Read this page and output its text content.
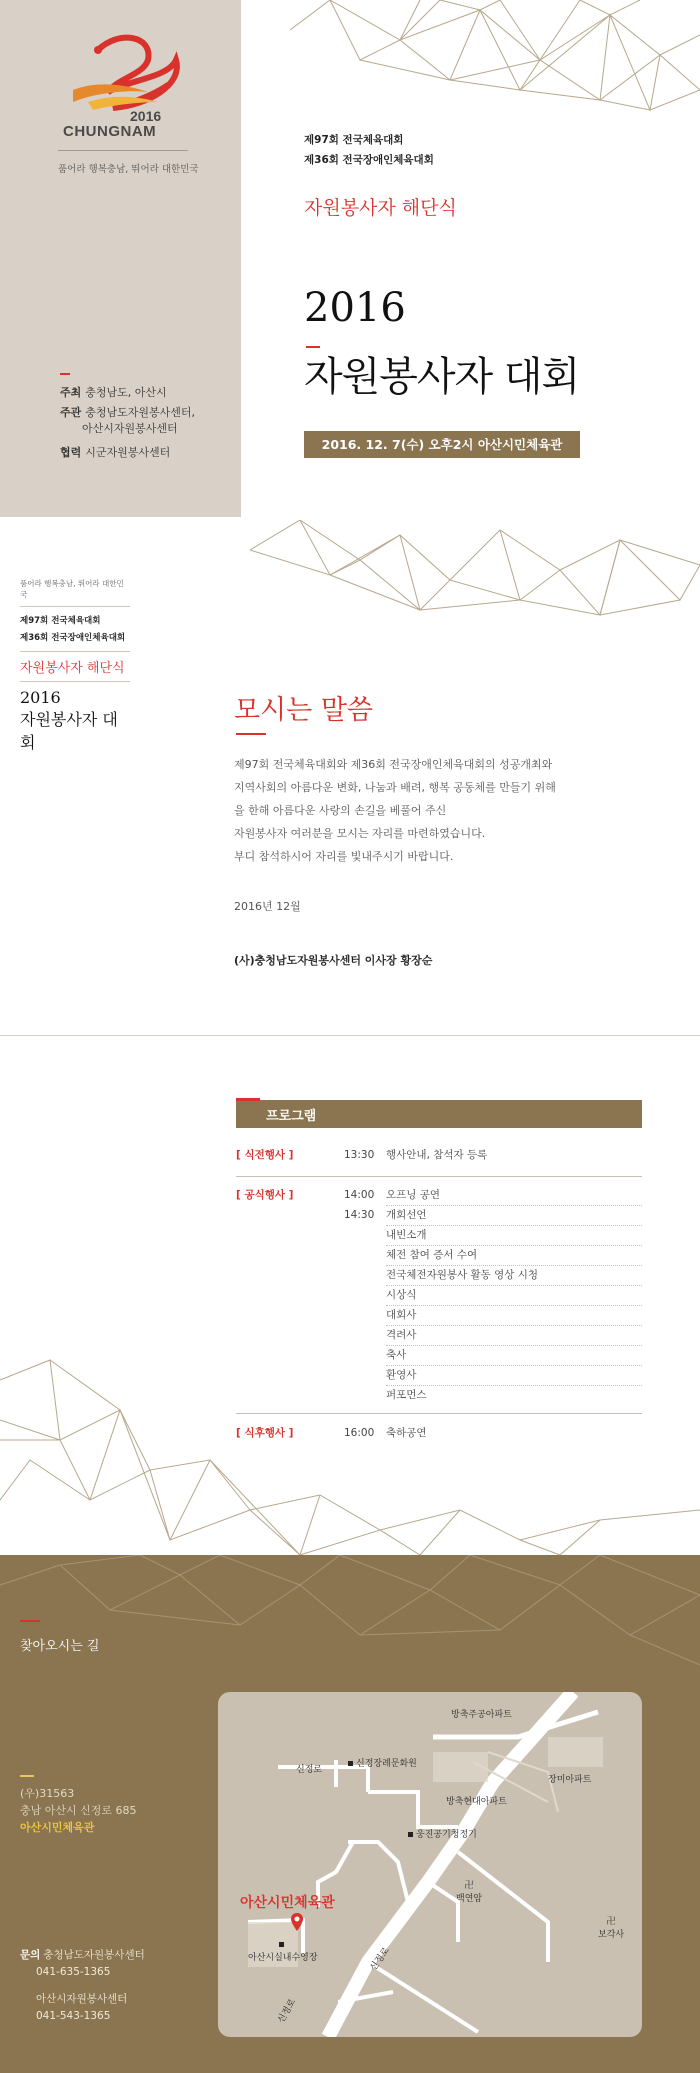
2016
CHUNGNAM
품어라 행복충남, 뛰어라 대한민국
주최 충청남도, 아산시
주관 충청남도자원봉사센터,
아산시자원봉사센터
협력 시군자원봉사센터
제97회 전국체육대회
제36회 전국장애인체육대회
자원봉사자 해단식
2016
자원봉사자 대회
2016. 12. 7(수) 오후2시 아산시민체육관
품어라 행복충남, 뛰어라 대한민국
제97회 전국체육대회
제36회 전국장애인체육대회
자원봉사자 해단식
2016
자원봉사자 대회
모시는 말씀
제97회 전국체육대회와 제36회 전국장애인체육대회의 성공개최와
지역사회의 아름다운 변화, 나눔과 배려, 행복 공동체를 만들기 위해
을 한해 아름다운 사랑의 손길을 베풀어 주신
자원봉사자 여러분을 모시는 자리를 마련하였습니다.
부디 참석하시어 자리를 빛내주시기 바랍니다.
2016년 12월
(사)충청남도자원봉사센터 이사장 황장순
프로그램
[ 식전행사 ]	13:30 행사안내, 참석자 등록
[ 공식행사 ]	14:00 오프닝 공연
14:30 개회선언
내빈소개
체전 참여 증서 수여
전국체전자원봉사 활동 영상 시청
시상식
대회사
격려사
축사
환영사
퍼포먼스
[ 식후행사 ]	16:00 축하공연
찾아오시는 길
(우)31563
충남 아산시 신정로 685
아산시민체육관
문의 충청남도자원봉사센터
041-635-1365
아산시자원봉사센터
041-543-1365
방축주공아파트
장미아파트
신정로
신정장례문화원
방축현대아파트
웅진공기청정기
卍
백연암
卍
보각사
신정로
신정로
아산시민체육관

아산시실내수영장
